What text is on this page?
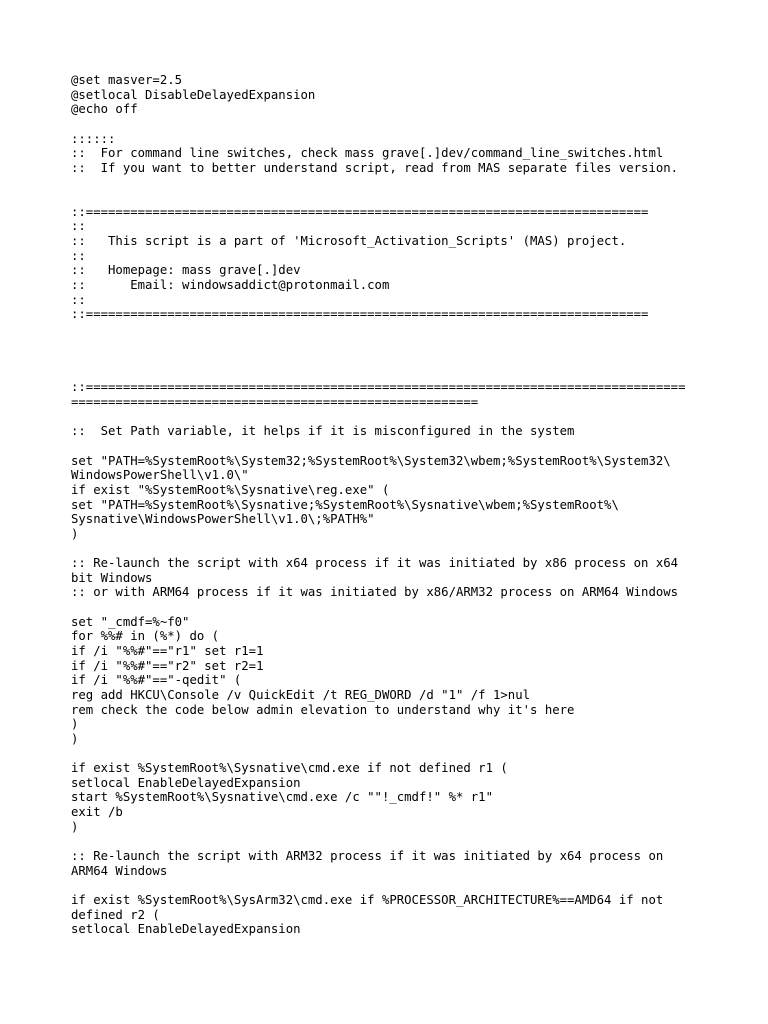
@set masver=2.5
@setlocal DisableDelayedExpansion
@echo off
::::::
::  For command line switches, check mass grave[.]dev/command_line_switches.html
::  If you want to better understand script, read from MAS separate files version.
::============================================================================
::
::   This script is a part of 'Microsoft_Activation_Scripts' (MAS) project.
::
::   Homepage: mass grave[.]dev
::      Email: windowsaddict@protonmail.com
::
::============================================================================
::=================================================================================
=======================================================
::  Set Path variable, it helps if it is misconfigured in the system
set "PATH=%SystemRoot%\System32;%SystemRoot%\System32\wbem;%SystemRoot%\System32\
WindowsPowerShell\v1.0\"
if exist "%SystemRoot%\Sysnative\reg.exe" (
set "PATH=%SystemRoot%\Sysnative;%SystemRoot%\Sysnative\wbem;%SystemRoot%\
Sysnative\WindowsPowerShell\v1.0\;%PATH%"
)
:: Re-launch the script with x64 process if it was initiated by x86 process on x64
bit Windows
:: or with ARM64 process if it was initiated by x86/ARM32 process on ARM64 Windows
set "_cmdf=%~f0"
for %%# in (%*) do (
if /i "%%#"=="r1" set r1=1
if /i "%%#"=="r2" set r2=1
if /i "%%#"=="-qedit" (
reg add HKCU\Console /v QuickEdit /t REG_DWORD /d "1" /f 1>nul
rem check the code below admin elevation to understand why it's here
)
)
if exist %SystemRoot%\Sysnative\cmd.exe if not defined r1 (
setlocal EnableDelayedExpansion
start %SystemRoot%\Sysnative\cmd.exe /c ""!_cmdf!" %* r1"
exit /b
)
:: Re-launch the script with ARM32 process if it was initiated by x64 process on
ARM64 Windows
if exist %SystemRoot%\SysArm32\cmd.exe if %PROCESSOR_ARCHITECTURE%==AMD64 if not
defined r2 (
setlocal EnableDelayedExpansion
